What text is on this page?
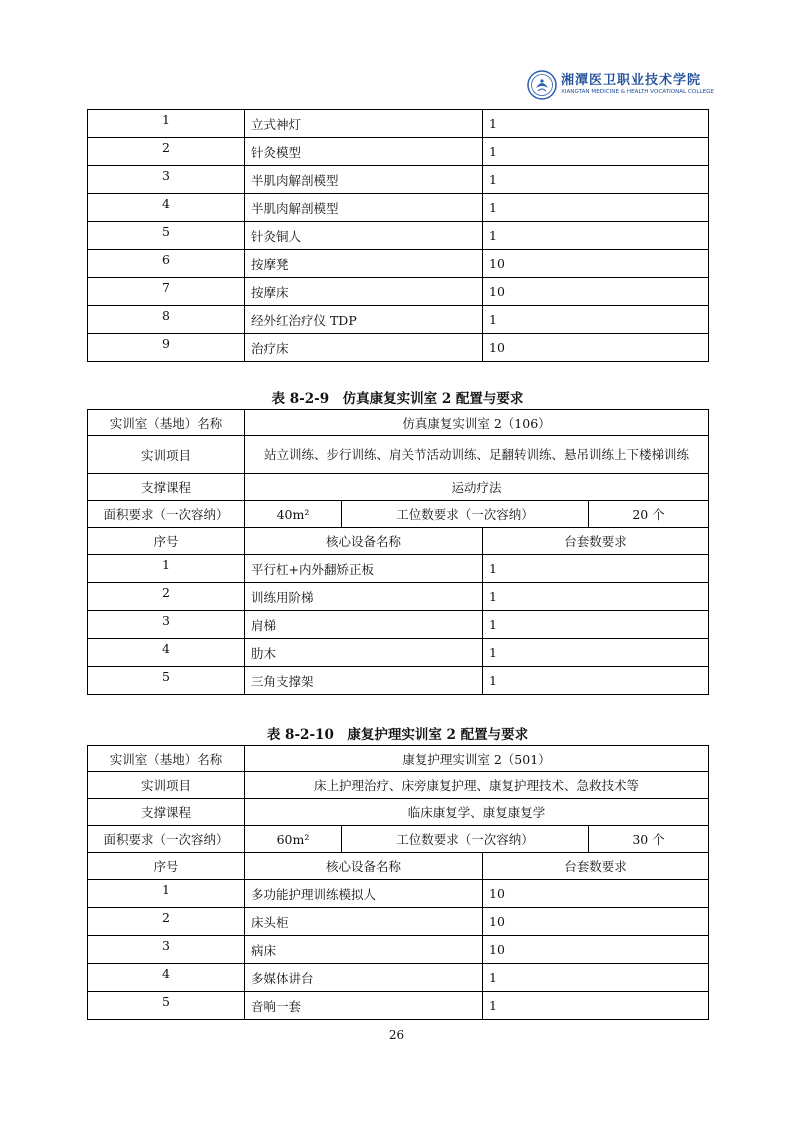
湘潭医卫职业技术学院
XIANGTAN MEDICINE & HEALTH VOCATIONAL COLLEGE
1	立式神灯	1
2	针灸模型	1
3	半肌肉解剖模型	1
4	半肌肉解剖模型	1
5	针灸铜人	1
6	按摩凳	10
7	按摩床	10
8	经外红治疗仪 TDP	1
9	治疗床	10
表 8-2-9　仿真康复实训室 2 配置与要求
实训室（基地）名称	仿真康复实训室 2（106）			
实训项目	站立训练、步行训练、肩关节活动训练、足翻转训练、悬吊训练上下楼梯训练			
支撑课程	运动疗法			
面积要求（一次容纳）	40m²	工位数要求（一次容纳）		20 个
序号	核心设备名称		台套数要求	
1	平行杠+内外翻矫正板		1	
2	训练用阶梯		1	
3	肩梯		1	
4	肋木		1	
5	三角支撑架		1	
表 8-2-10　康复护理实训室 2 配置与要求
实训室（基地）名称	康复护理实训室 2（501）			
实训项目	床上护理治疗、床旁康复护理、康复护理技术、急救技术等			
支撑课程	临床康复学、康复康复学			
面积要求（一次容纳）	60m²	工位数要求（一次容纳）		30 个
序号	核心设备名称		台套数要求	
1	多功能护理训练模拟人		10	
2	床头柜		10	
3	病床		10	
4	多媒体讲台		1	
5	音响一套		1	
26
